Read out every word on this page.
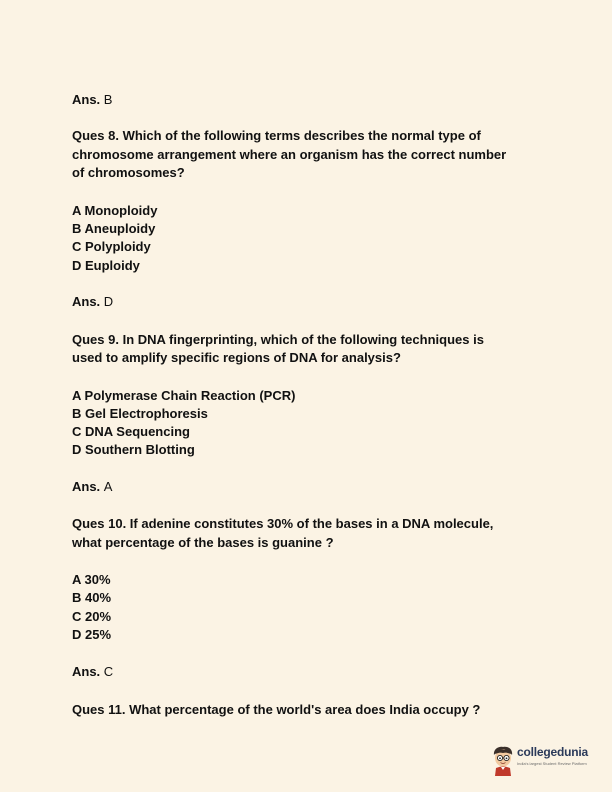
Ans. B
Ques 8. Which of the following terms describes the normal type of
chromosome arrangement where an organism has the correct number
of chromosomes?
A Monoploidy
B Aneuploidy
C Polyploidy
D Euploidy
Ans. D
Ques 9. In DNA fingerprinting, which of the following techniques is
used to amplify specific regions of DNA for analysis?
A Polymerase Chain Reaction (PCR)
B Gel Electrophoresis
C DNA Sequencing
D Southern Blotting
Ans. A
Ques 10. If adenine constitutes 30% of the bases in a DNA molecule,
what percentage of the bases is guanine ?
A 30%
B 40%
C 20%
D 25%
Ans. C
Ques 11. What percentage of the world's area does India occupy ?
collegedunia
India's largest Student Review Platform
